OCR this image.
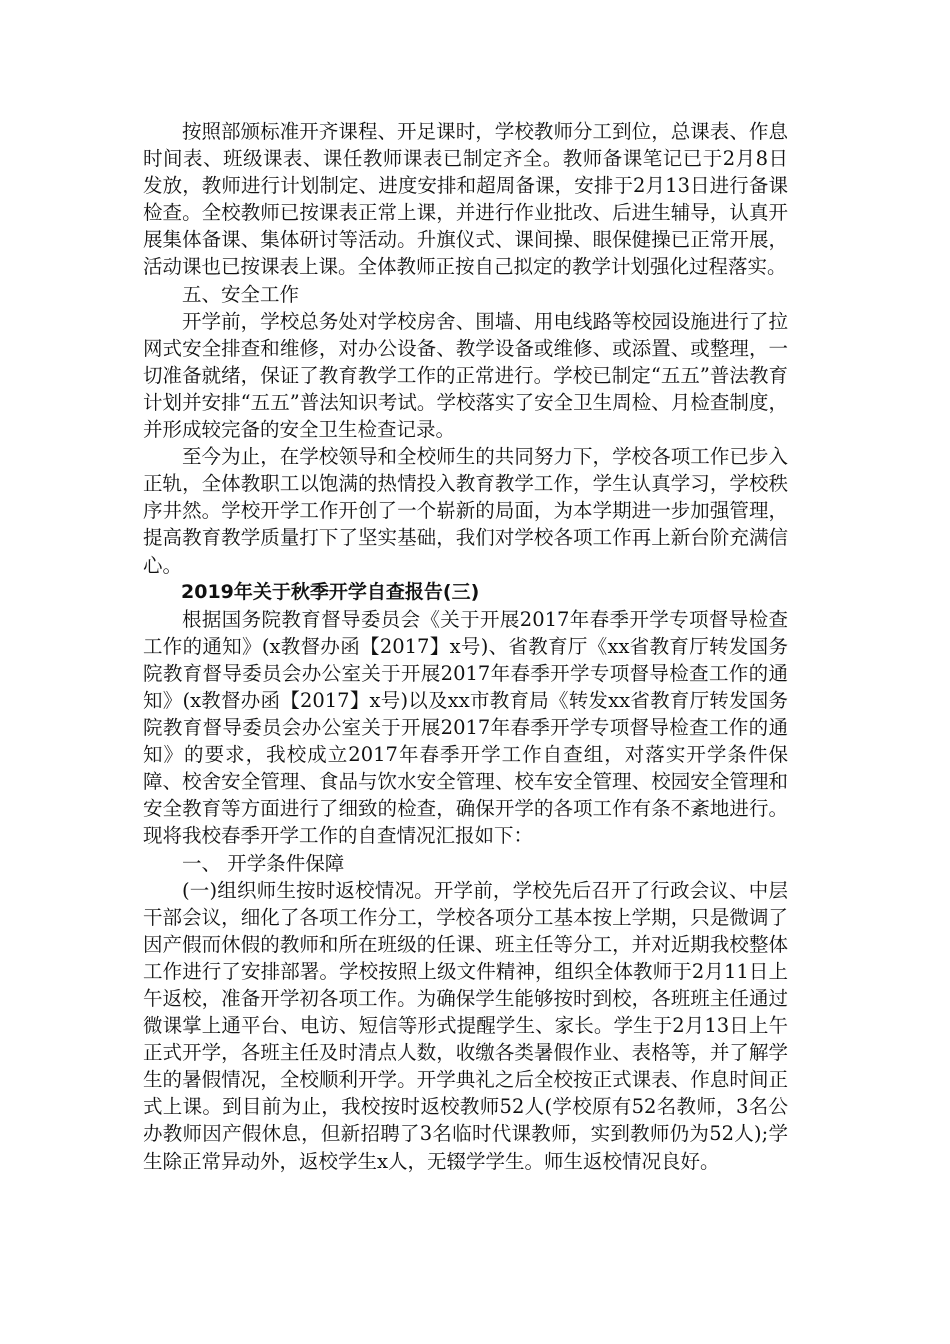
按照部颁标准开齐课程、开足课时，学校教师分工到位，总课表、作息时间表、班级课表、课任教师课表已制定齐全。教师备课笔记已于2月8日发放，教师进行计划制定、进度安排和超周备课，安排于2月13日进行备课检查。全校教师已按课表正常上课，并进行作业批改、后进生辅导，认真开展集体备课、集体研讨等活动。升旗仪式、课间操、眼保健操已正常开展，活动课也已按课表上课。全体教师正按自己拟定的教学计划强化过程落实。

五、安全工作

开学前，学校总务处对学校房舍、围墙、用电线路等校园设施进行了拉网式安全排查和维修，对办公设备、教学设备或维修、或添置、或整理，一切准备就绪，保证了教育教学工作的正常进行。学校已制定“五五”普法教育计划并安排“五五”普法知识考试。学校落实了安全卫生周检、月检查制度，并形成较完备的安全卫生检查记录。

至今为止，在学校领导和全校师生的共同努力下，学校各项工作已步入正轨，全体教职工以饱满的热情投入教育教学工作，学生认真学习，学校秩序井然。学校开学工作开创了一个崭新的局面，为本学期进一步加强管理，提高教育教学质量打下了坚实基础，我们对学校各项工作再上新台阶充满信心。

2019年关于秋季开学自查报告(三)

根据国务院教育督导委员会《关于开展2017年春季开学专项督导检查工作的通知》(x教督办函【2017】x号)、省教育厅《xx省教育厅转发国务院教育督导委员会办公室关于开展2017年春季开学专项督导检查工作的通知》(x教督办函【2017】x号)以及xx市教育局《转发xx省教育厅转发国务院教育督导委员会办公室关于开展2017年春季开学专项督导检查工作的通知》的要求，我校成立2017年春季开学工作自查组，对落实开学条件保障、校舍安全管理、食品与饮水安全管理、校车安全管理、校园安全管理和安全教育等方面进行了细致的检查，确保开学的各项工作有条不紊地进行。现将我校春季开学工作的自查情况汇报如下：

一、 开学条件保障

(一)组织师生按时返校情况。开学前，学校先后召开了行政会议、中层干部会议，细化了各项工作分工，学校各项分工基本按上学期，只是微调了因产假而休假的教师和所在班级的任课、班主任等分工，并对近期我校整体工作进行了安排部署。学校按照上级文件精神，组织全体教师于2月11日上午返校，准备开学初各项工作。为确保学生能够按时到校，各班班主任通过微课掌上通平台、电访、短信等形式提醒学生、家长。学生于2月13日上午正式开学，各班主任及时清点人数，收缴各类暑假作业、表格等，并了解学生的暑假情况，全校顺利开学。开学典礼之后全校按正式课表、作息时间正式上课。到目前为止，我校按时返校教师52人(学校原有52名教师，3名公办教师因产假休息，但新招聘了3名临时代课教师，实到教师仍为52人);学生除正常异动外，返校学生x人，无辍学学生。师生返校情况良好。
